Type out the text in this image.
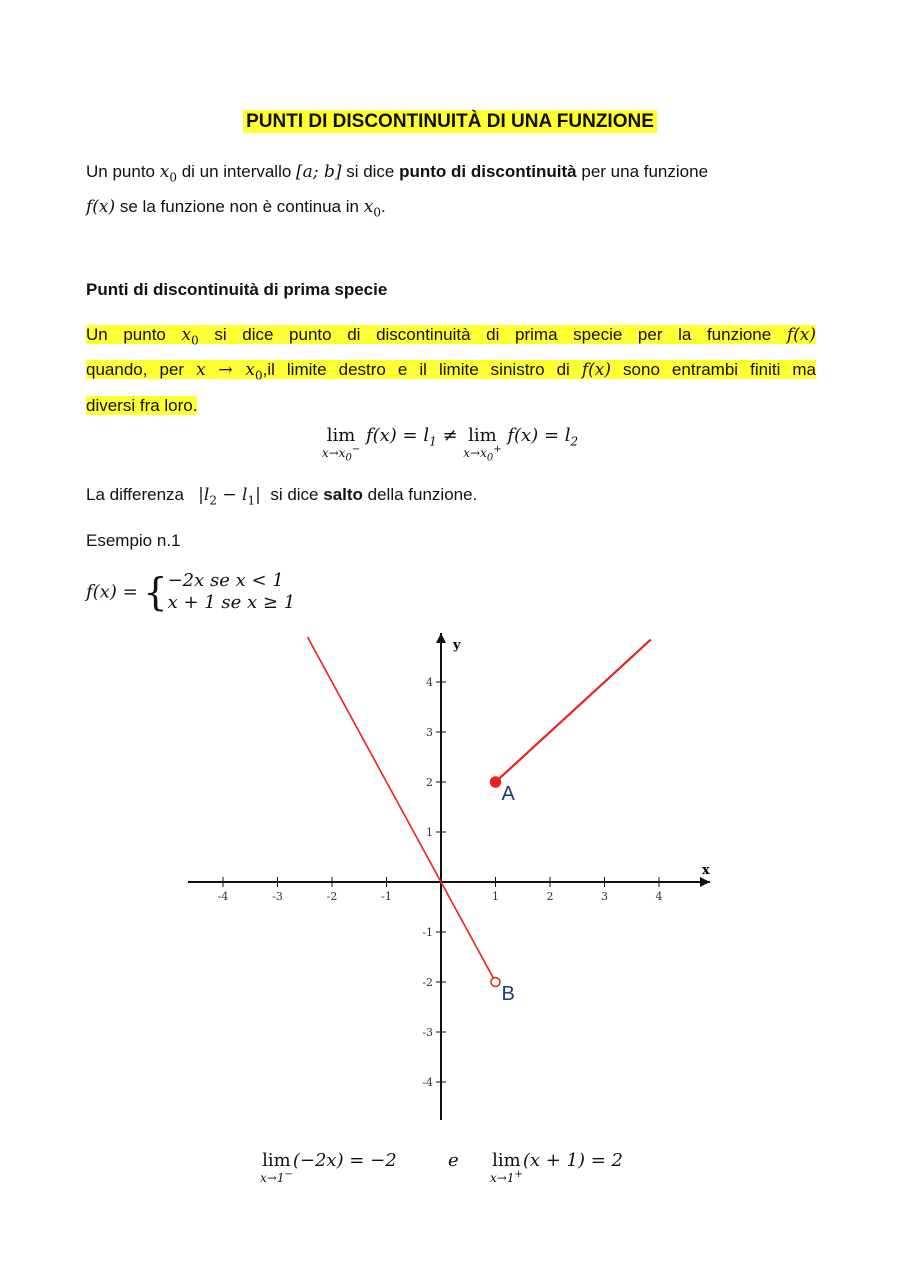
PUNTI DI DISCONTINUITÀ DI UNA FUNZIONE
Un punto $x_0$ di un intervallo [a; b] si dice punto di discontinuità per una funzione
f(x) se la funzione non è continua in $x_0$.
Punti di discontinuità di prima specie
Un punto $x_0$ si dice punto di discontinuità di prima specie per la funzione f(x)
quando, per $x \to x_0,il$ limite destro e il limite sinistro di f(x) sono entrambi finiti ma
diversi fra loro.
lim
$x\to x_0^-$
$f(x) = l_1 \ne \lim$
$x\to x_0^+$
$f(x) = l_2$
La differenza   $|l_2 - l_1|$  si dice salto della funzione.
Esempio n.1
f(x) = { −2x se x < 1
x + 1 se x ≥ 1
x
y
-4	-3	-2	-1	1	2	3	4
4
3
2
1
-1
-2
-3
-4
A
B
lim
x→1−
(−2x) = −2	e lim
x→1+
(x + 1) = 2
